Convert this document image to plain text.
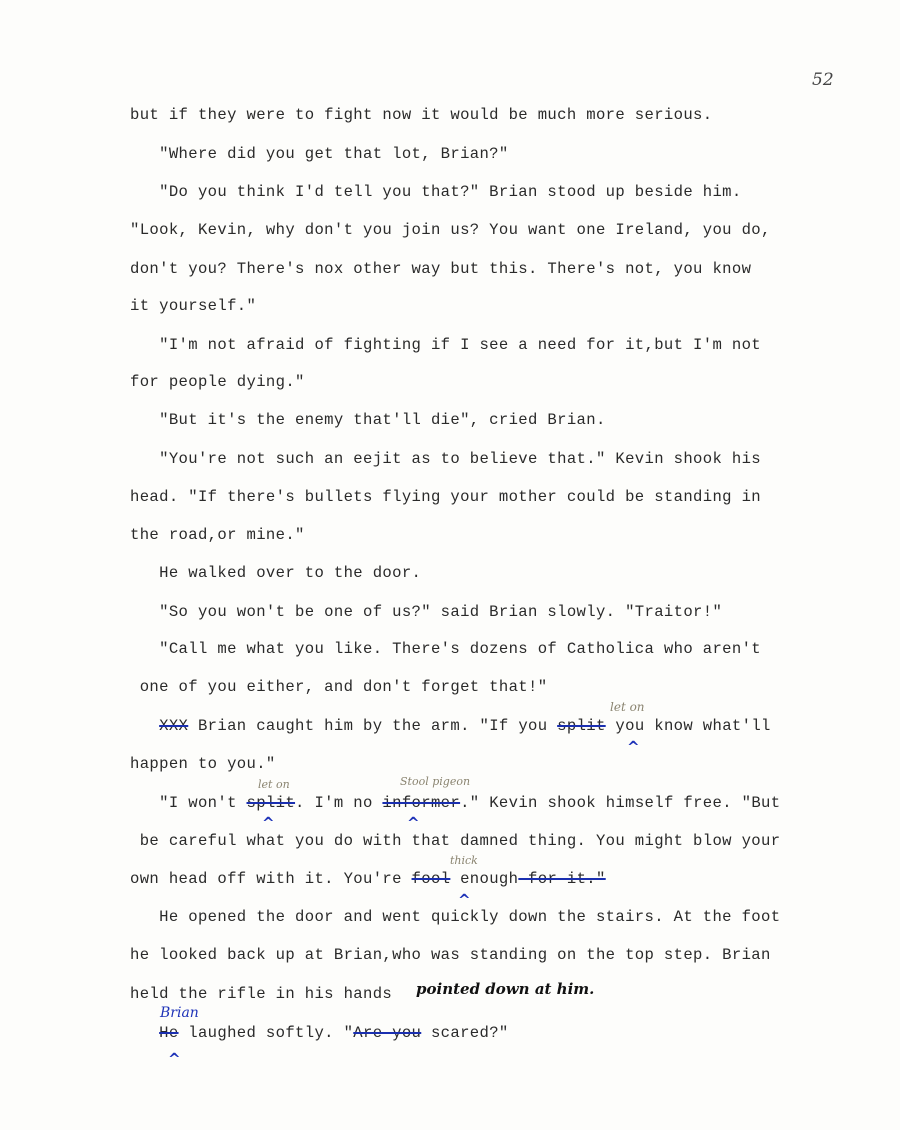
52
but if they were to fight now it would be much more serious.
"Where did you get that lot, Brian?"
"Do you think I'd tell you that?" Brian stood up beside him.
"Look, Kevin, why don't you join us? You want one Ireland, you do,
don't you? There's nox other way but this. There's not, you know
it yourself."
"I'm not afraid of fighting if I see a need for it,but I'm not
for people dying."
"But it's the enemy that'll die", cried Brian.
"You're not such an eejit as to believe that." Kevin shook his
head. "If there's bullets flying your mother could be standing in
the road,or mine."
He walked over to the door.
"So you won't be one of us?" said Brian slowly. "Traitor!"
"Call me what you like. There's dozens of Catholica who aren't
one of you either, and don't forget that!"
XXX Brian caught him by the arm. "If you split you know what'll
let on
^
happen to you."
"I won't split. I'm no informer." Kevin shook himself free. "But
let on	Stool pigeon
^	^
be careful what you do with that damned thing. You might blow your
own head off with it. You're fool enough for it."
thick
^
He opened the door and went quickly down the stairs. At the foot
he looked back up at Brian,who was standing on the top step. Brian
held the rifle in his hands pointed down at him.
He laughed softly. "Are you scared?"
Brian
^
